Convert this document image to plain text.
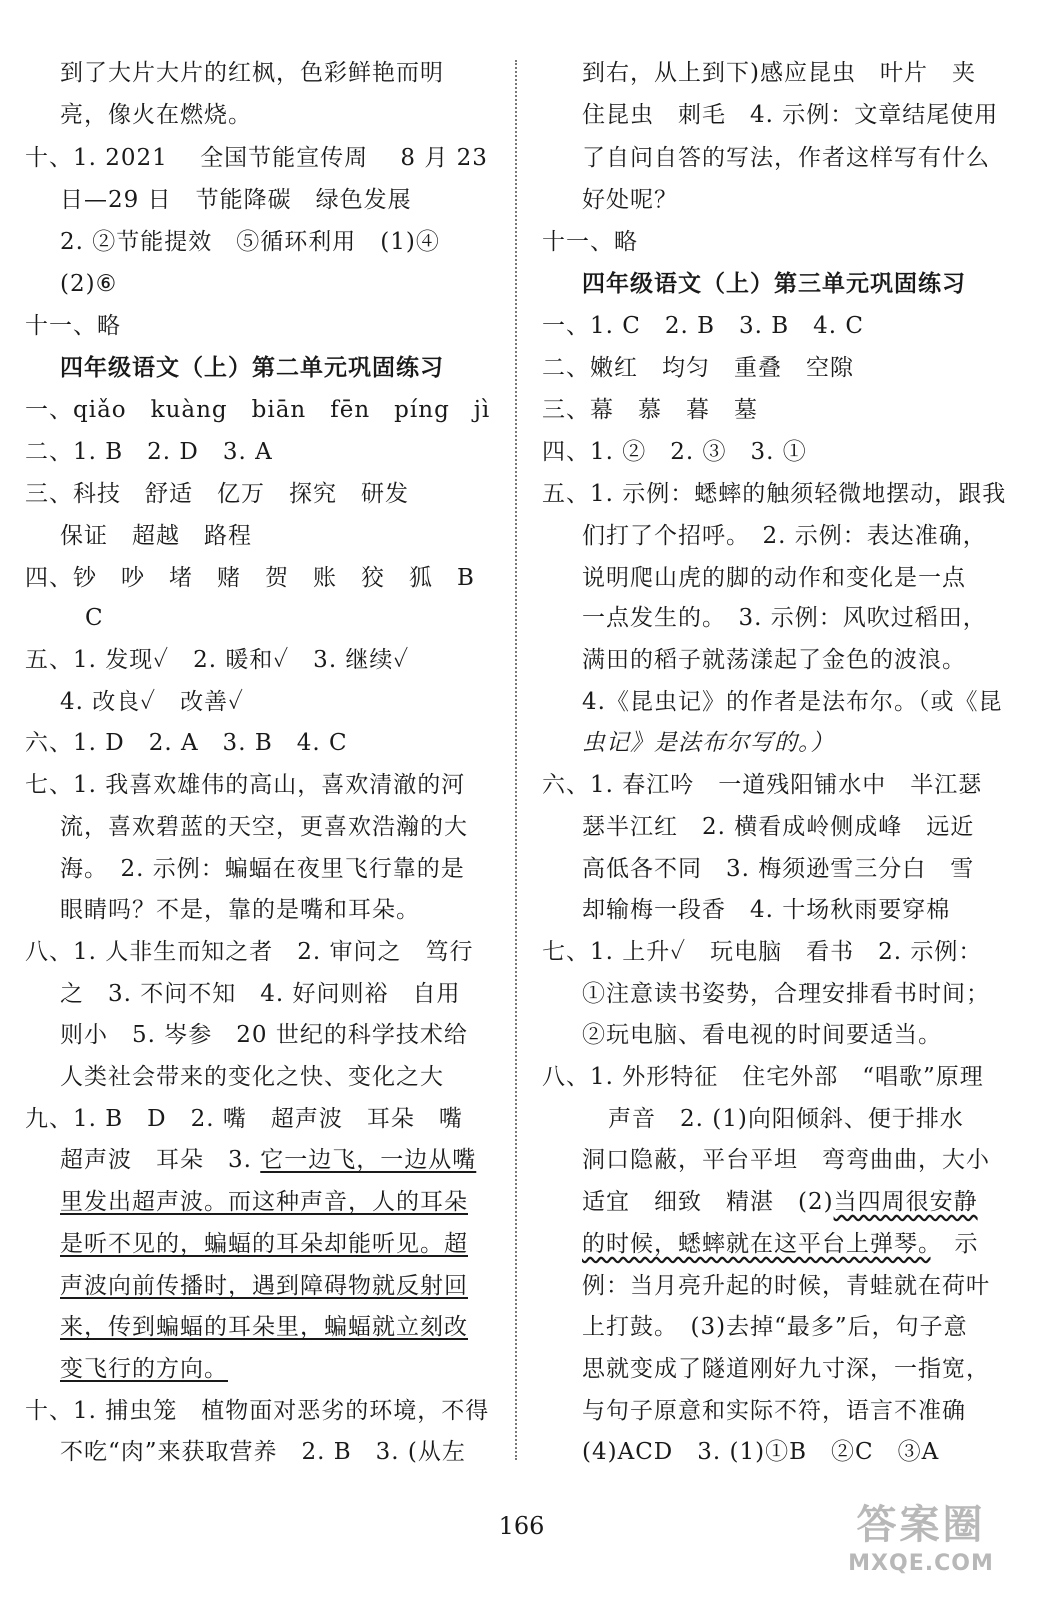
到了大片大片的红枫，色彩鲜艳而明
亮，像火在燃烧。
十、1. 2021　 全国节能宣传周　 8 月 23
日—29 日　节能降碳　绿色发展
2. ②节能提效　⑤循环利用　(1)④
(2)⑥
十一、略
四年级语文（上）第二单元巩固练习
一、qiǎo　kuàng　biān　fēn　píng　jì
二、1. B　2. D　3. A
三、科技　舒适　亿万　探究　研发
保证　超越　路程
四、钞　吵　堵　赌　贺　账　狡　狐　B
C
五、1. 发现✓　2. 暖和✓　3. 继续✓
4. 改良✓　改善✓
六、1. D　2. A　3. B　4. C
七、1. 我喜欢雄伟的高山，喜欢清澈的河
流，喜欢碧蓝的天空，更喜欢浩瀚的大
海。　2. 示例：蝙蝠在夜里飞行靠的是
眼睛吗？不是，靠的是嘴和耳朵。
八、1. 人非生而知之者　2. 审问之　笃行
之　3. 不问不知　4. 好问则裕　自用
则小　5. 岑参　20 世纪的科学技术给
人类社会带来的变化之快、变化之大
九、1. B　D　2. 嘴　超声波　耳朵　嘴
超声波　耳朵　3. 它一边飞，一边从嘴
里发出超声波。而这种声音，人的耳朵
是听不见的，蝙蝠的耳朵却能听见。超
声波向前传播时，遇到障碍物就反射回
来，传到蝙蝠的耳朵里，蝙蝠就立刻改
变飞行的方向。
十、1. 捕虫笼　植物面对恶劣的环境，不得
不吃“肉”来获取营养　2. B　3. (从左
到右，从上到下)感应昆虫　叶片　夹
住昆虫　刺毛　4. 示例：文章结尾使用
了自问自答的写法，作者这样写有什么
好处呢？
十一、略
四年级语文（上）第三单元巩固练习
一、1. C　2. B　3. B　4. C
二、嫩红　均匀　重叠　空隙
三、幕　慕　暮　墓
四、1. ②　2. ③　3. ①
五、1. 示例：蟋蟀的触须轻微地摆动，跟我
们打了个招呼。　2. 示例：表达准确，
说明爬山虎的脚的动作和变化是一点
一点发生的。　3. 示例：风吹过稻田，
满田的稻子就荡漾起了金色的波浪。
4.《昆虫记》的作者是法布尔。（或《昆
虫记》是法布尔写的。）
六、1. 春江吟　一道残阳铺水中　半江瑟
瑟半江红　2. 横看成岭侧成峰　远近
高低各不同　3. 梅须逊雪三分白　雪
却输梅一段香　4. 十场秋雨要穿棉
七、1. 上升✓　玩电脑　看书　2. 示例：
①注意读书姿势，合理安排看书时间；
②玩电脑、看电视的时间要适当。
八、1. 外形特征　住宅外部　“唱歌”原理
声音　2. (1)向阳倾斜、便于排水
洞口隐蔽，平台平坦　弯弯曲曲，大小
适宜　细致　精湛　(2)当四周很安静
的时候，蟋蟀就在这平台上弹琴。　 示
例：当月亮升起的时候，青蛙就在荷叶
上打鼓。　(3)去掉“最多”后，句子意
思就变成了隧道刚好九寸深，一指宽，
与句子原意和实际不符，语言不准确
(4)ACD　3. (1)①B　②C　③A
166	答案圈
MXQE.COM
